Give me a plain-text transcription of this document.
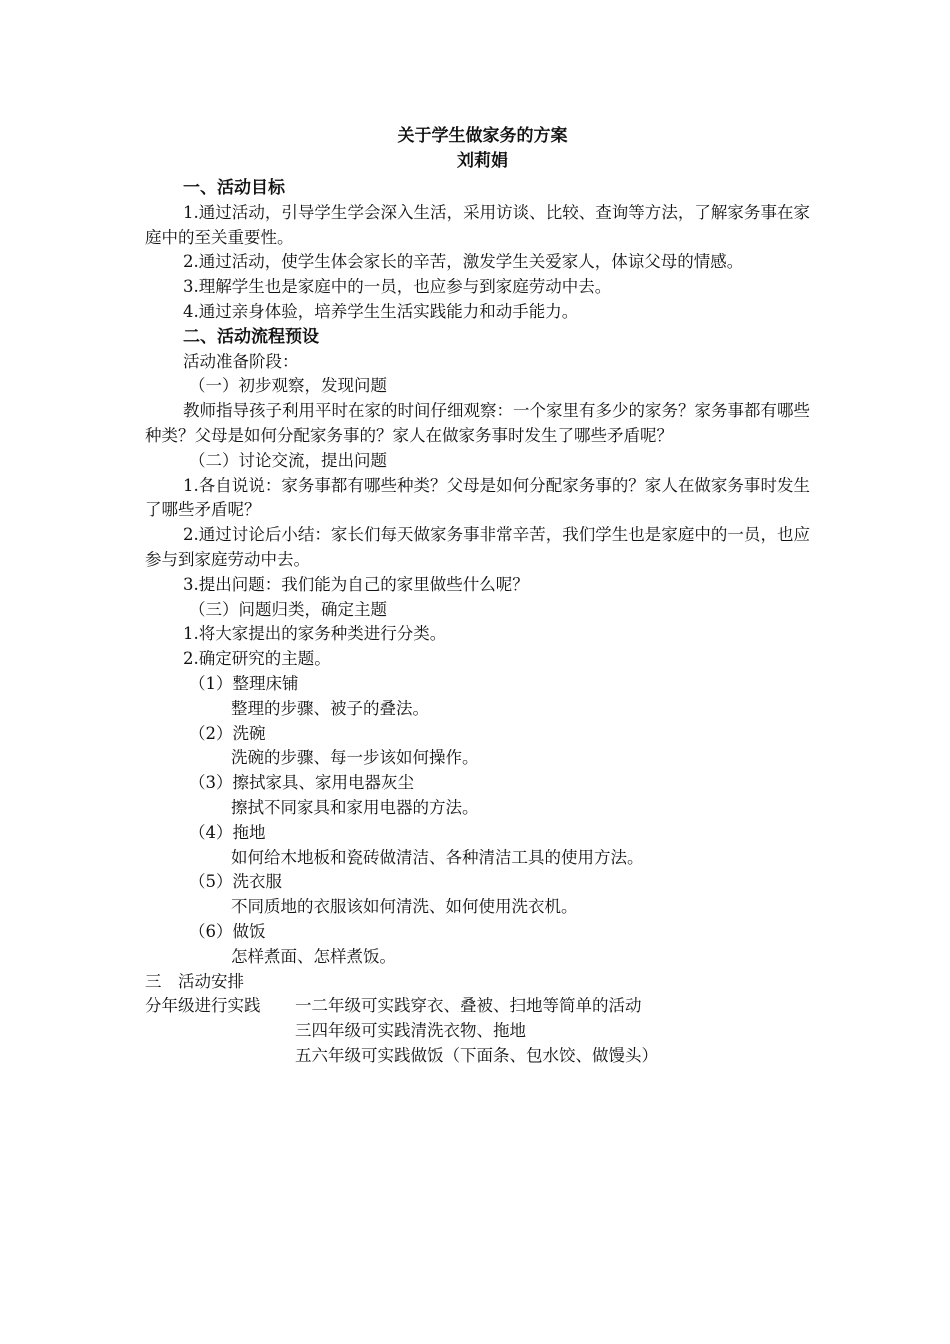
关于学生做家务的方案

刘莉娟

一、活动目标

1.通过活动，引导学生学会深入生活，采用访谈、比较、查询等方法，了解家务事在家庭中的至关重要性。

2.通过活动，使学生体会家长的辛苦，激发学生关爱家人，体谅父母的情感。

3.理解学生也是家庭中的一员，也应参与到家庭劳动中去。

4.通过亲身体验，培养学生生活实践能力和动手能力。

二、活动流程预设

活动准备阶段：

（一）初步观察，发现问题

教师指导孩子利用平时在家的时间仔细观察：一个家里有多少的家务？家务事都有哪些种类？父母是如何分配家务事的？家人在做家务事时发生了哪些矛盾呢？

（二）讨论交流，提出问题

1.各自说说：家务事都有哪些种类？父母是如何分配家务事的？家人在做家务事时发生了哪些矛盾呢？

2.通过讨论后小结：家长们每天做家务事非常辛苦，我们学生也是家庭中的一员，也应参与到家庭劳动中去。

3.提出问题：我们能为自己的家里做些什么呢？

（三）问题归类，确定主题

1.将大家提出的家务种类进行分类。

2.确定研究的主题。

（1）整理床铺

整理的步骤、被子的叠法。

（2）洗碗

洗碗的步骤、每一步该如何操作。

（3）擦拭家具、家用电器灰尘

擦拭不同家具和家用电器的方法。

（4）拖地

如何给木地板和瓷砖做清洁、各种清洁工具的使用方法。

（5）洗衣服

不同质地的衣服该如何清洗、如何使用洗衣机。

（6）做饭

怎样煮面、怎样煮饭。

三　活动安排

分年级进行实践	一二年级可实践穿衣、叠被、扫地等简单的活动
三四年级可实践清洗衣物、拖地
五六年级可实践做饭（下面条、包水饺、做馒头）
